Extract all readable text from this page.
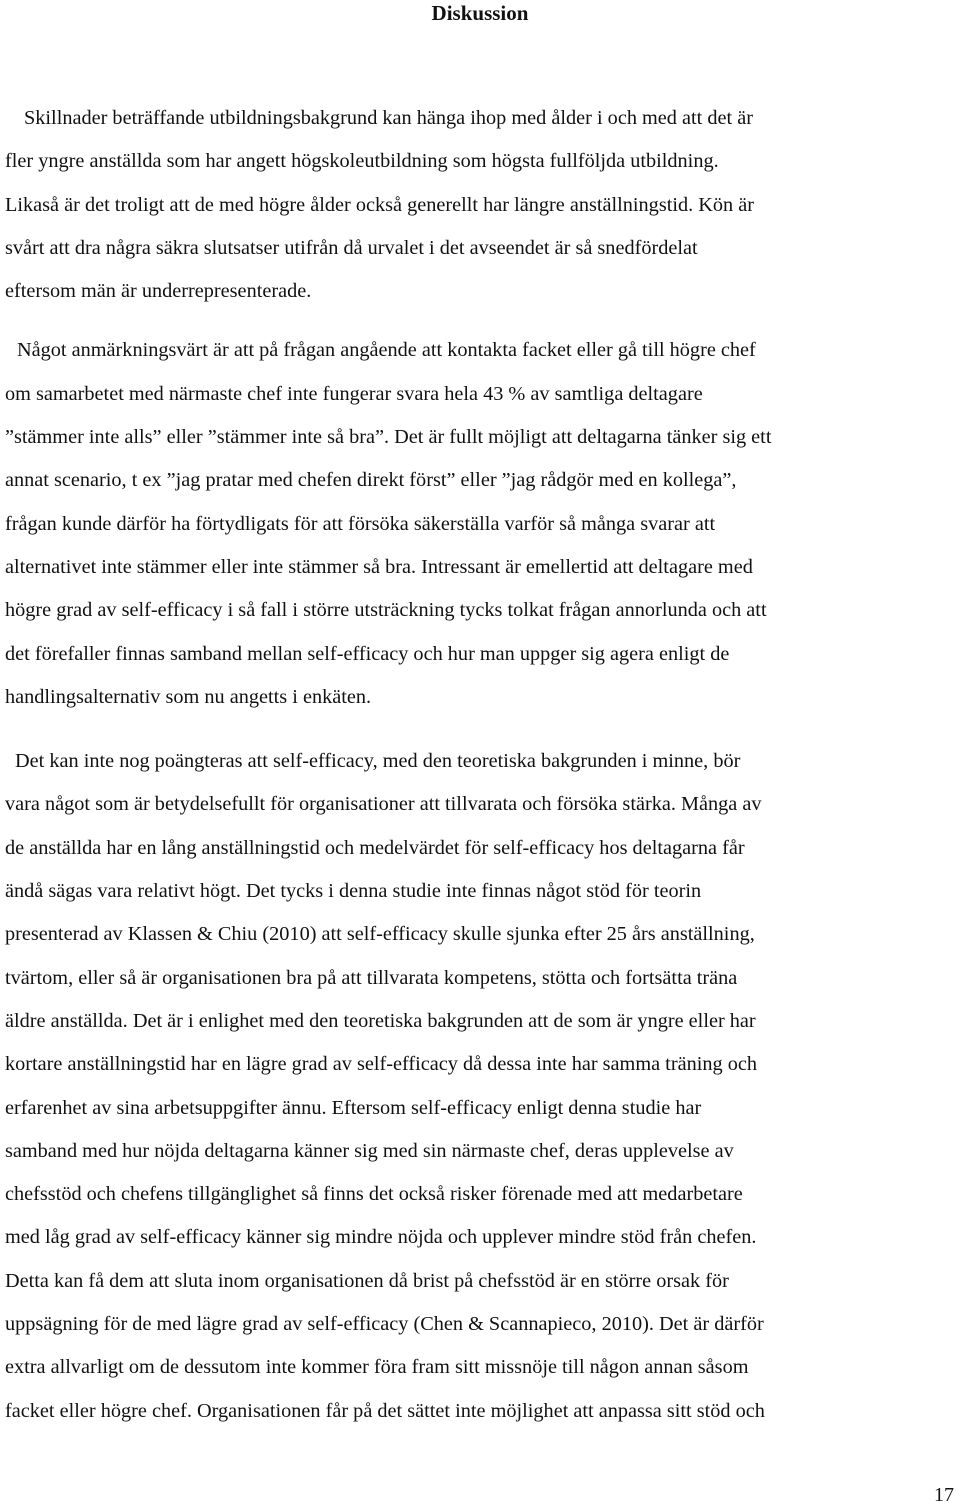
Diskussion
Skillnader beträffande utbildningsbakgrund kan hänga ihop med ålder i och med att det är
fler yngre anställda som har angett högskoleutbildning som högsta fullföljda utbildning.
Likaså är det troligt att de med högre ålder också generellt har längre anställningstid. Kön är
svårt att dra några säkra slutsatser utifrån då urvalet i det avseendet är så snedfördelat
eftersom män är underrepresenterade.
Något anmärkningsvärt är att på frågan angående att kontakta facket eller gå till högre chef
om samarbetet med närmaste chef inte fungerar svara hela 43 % av samtliga deltagare
”stämmer inte alls” eller ”stämmer inte så bra”. Det är fullt möjligt att deltagarna tänker sig ett
annat scenario, t ex ”jag pratar med chefen direkt först” eller ”jag rådgör med en kollega”,
frågan kunde därför ha förtydligats för att försöka säkerställa varför så många svarar att
alternativet inte stämmer eller inte stämmer så bra. Intressant är emellertid att deltagare med
högre grad av self-efficacy i så fall i större utsträckning tycks tolkat frågan annorlunda och att
det förefaller finnas samband mellan self-efficacy och hur man uppger sig agera enligt de
handlingsalternativ som nu angetts i enkäten.
Det kan inte nog poängteras att self-efficacy, med den teoretiska bakgrunden i minne, bör
vara något som är betydelsefullt för organisationer att tillvarata och försöka stärka. Många av
de anställda har en lång anställningstid och medelvärdet för self-efficacy hos deltagarna får
ändå sägas vara relativt högt. Det tycks i denna studie inte finnas något stöd för teorin
presenterad av Klassen & Chiu (2010) att self-efficacy skulle sjunka efter 25 års anställning,
tvärtom, eller så är organisationen bra på att tillvarata kompetens, stötta och fortsätta träna
äldre anställda. Det är i enlighet med den teoretiska bakgrunden att de som är yngre eller har
kortare anställningstid har en lägre grad av self-efficacy då dessa inte har samma träning och
erfarenhet av sina arbetsuppgifter ännu. Eftersom self-efficacy enligt denna studie har
samband med hur nöjda deltagarna känner sig med sin närmaste chef, deras upplevelse av
chefsstöd och chefens tillgänglighet så finns det också risker förenade med att medarbetare
med låg grad av self-efficacy känner sig mindre nöjda och upplever mindre stöd från chefen.
Detta kan få dem att sluta inom organisationen då brist på chefsstöd är en större orsak för
uppsägning för de med lägre grad av self-efficacy (Chen & Scannapieco, 2010). Det är därför
extra allvarligt om de dessutom inte kommer föra fram sitt missnöje till någon annan såsom
facket eller högre chef. Organisationen får på det sättet inte möjlighet att anpassa sitt stöd och
17
